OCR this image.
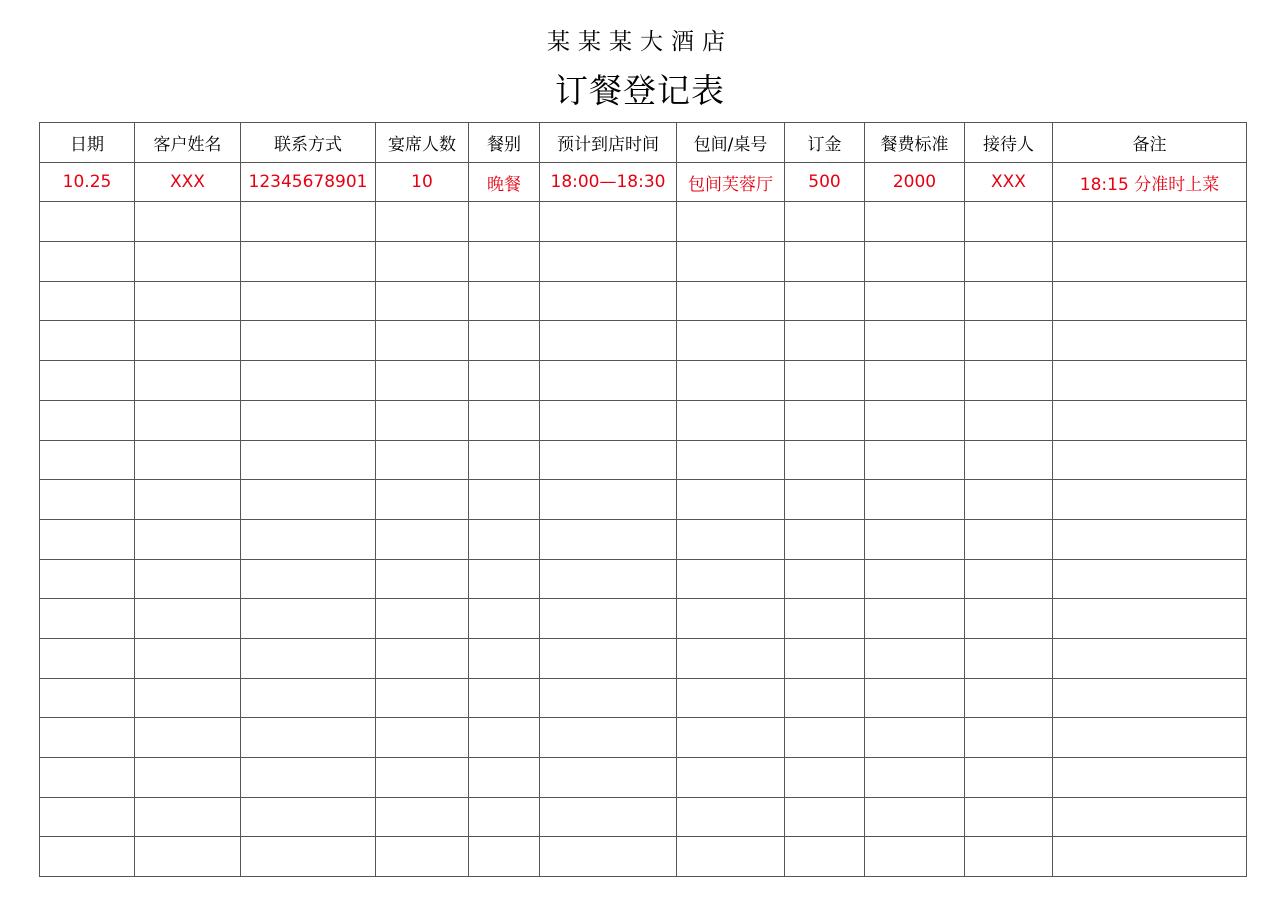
某某某大酒店
订餐登记表
日期	客户姓名	联系方式	宴席人数	餐别	预计到店时间	包间/桌号	订金	餐费标准	接待人	备注
10.25	XXX	12345678901	10	晚餐	18:00—18:30	包间芙蓉厅	500	2000	XXX	18:15 分准时上菜
